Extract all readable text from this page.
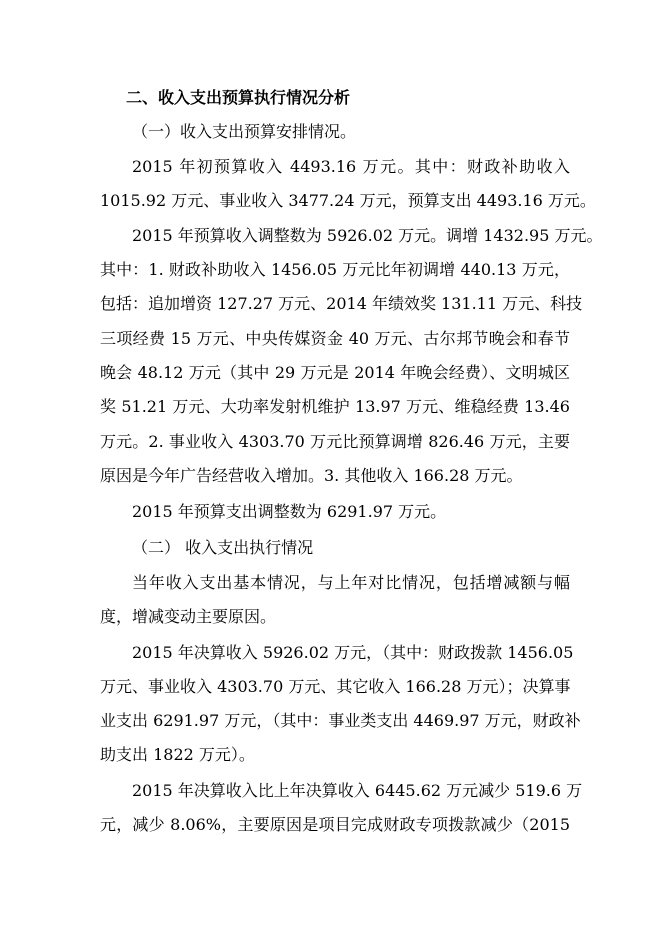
二、收入支出预算执行情况分析
（一）收入支出预算安排情况。
2015 年初预算收入 4493.16 万元。其中：财政补助收入
1015.92 万元、事业收入 3477.24 万元，预算支出 4493.16 万元。
2015 年预算收入调整数为 5926.02 万元。调增 1432.95 万元。
其中：1. 财政补助收入 1456.05 万元比年初调增 440.13 万元，
包括：追加增资 127.27 万元、2014 年绩效奖 131.11 万元、科技
三项经费 15 万元、中央传媒资金 40 万元、古尔邦节晚会和春节
晚会 48.12 万元（其中 29 万元是 2014 年晚会经费）、文明城区
奖 51.21 万元、大功率发射机维护 13.97 万元、维稳经费 13.46
万元。2. 事业收入 4303.70 万元比预算调增 826.46 万元，主要
原因是今年广告经营收入增加。3. 其他收入 166.28 万元。
2015 年预算支出调整数为 6291.97 万元。
（二） 收入支出执行情况
当年收入支出基本情况，与上年对比情况，包括增减额与幅
度，增减变动主要原因。
2015 年决算收入 5926.02 万元，（其中：财政拨款 1456.05
万元、事业收入 4303.70 万元、其它收入 166.28 万元）；决算事
业支出 6291.97 万元，（其中：事业类支出 4469.97 万元，财政补
助支出 1822 万元）。
2015 年决算收入比上年决算收入 6445.62 万元减少 519.6 万
元，减少 8.06%，主要原因是项目完成财政专项拨款减少（2015
